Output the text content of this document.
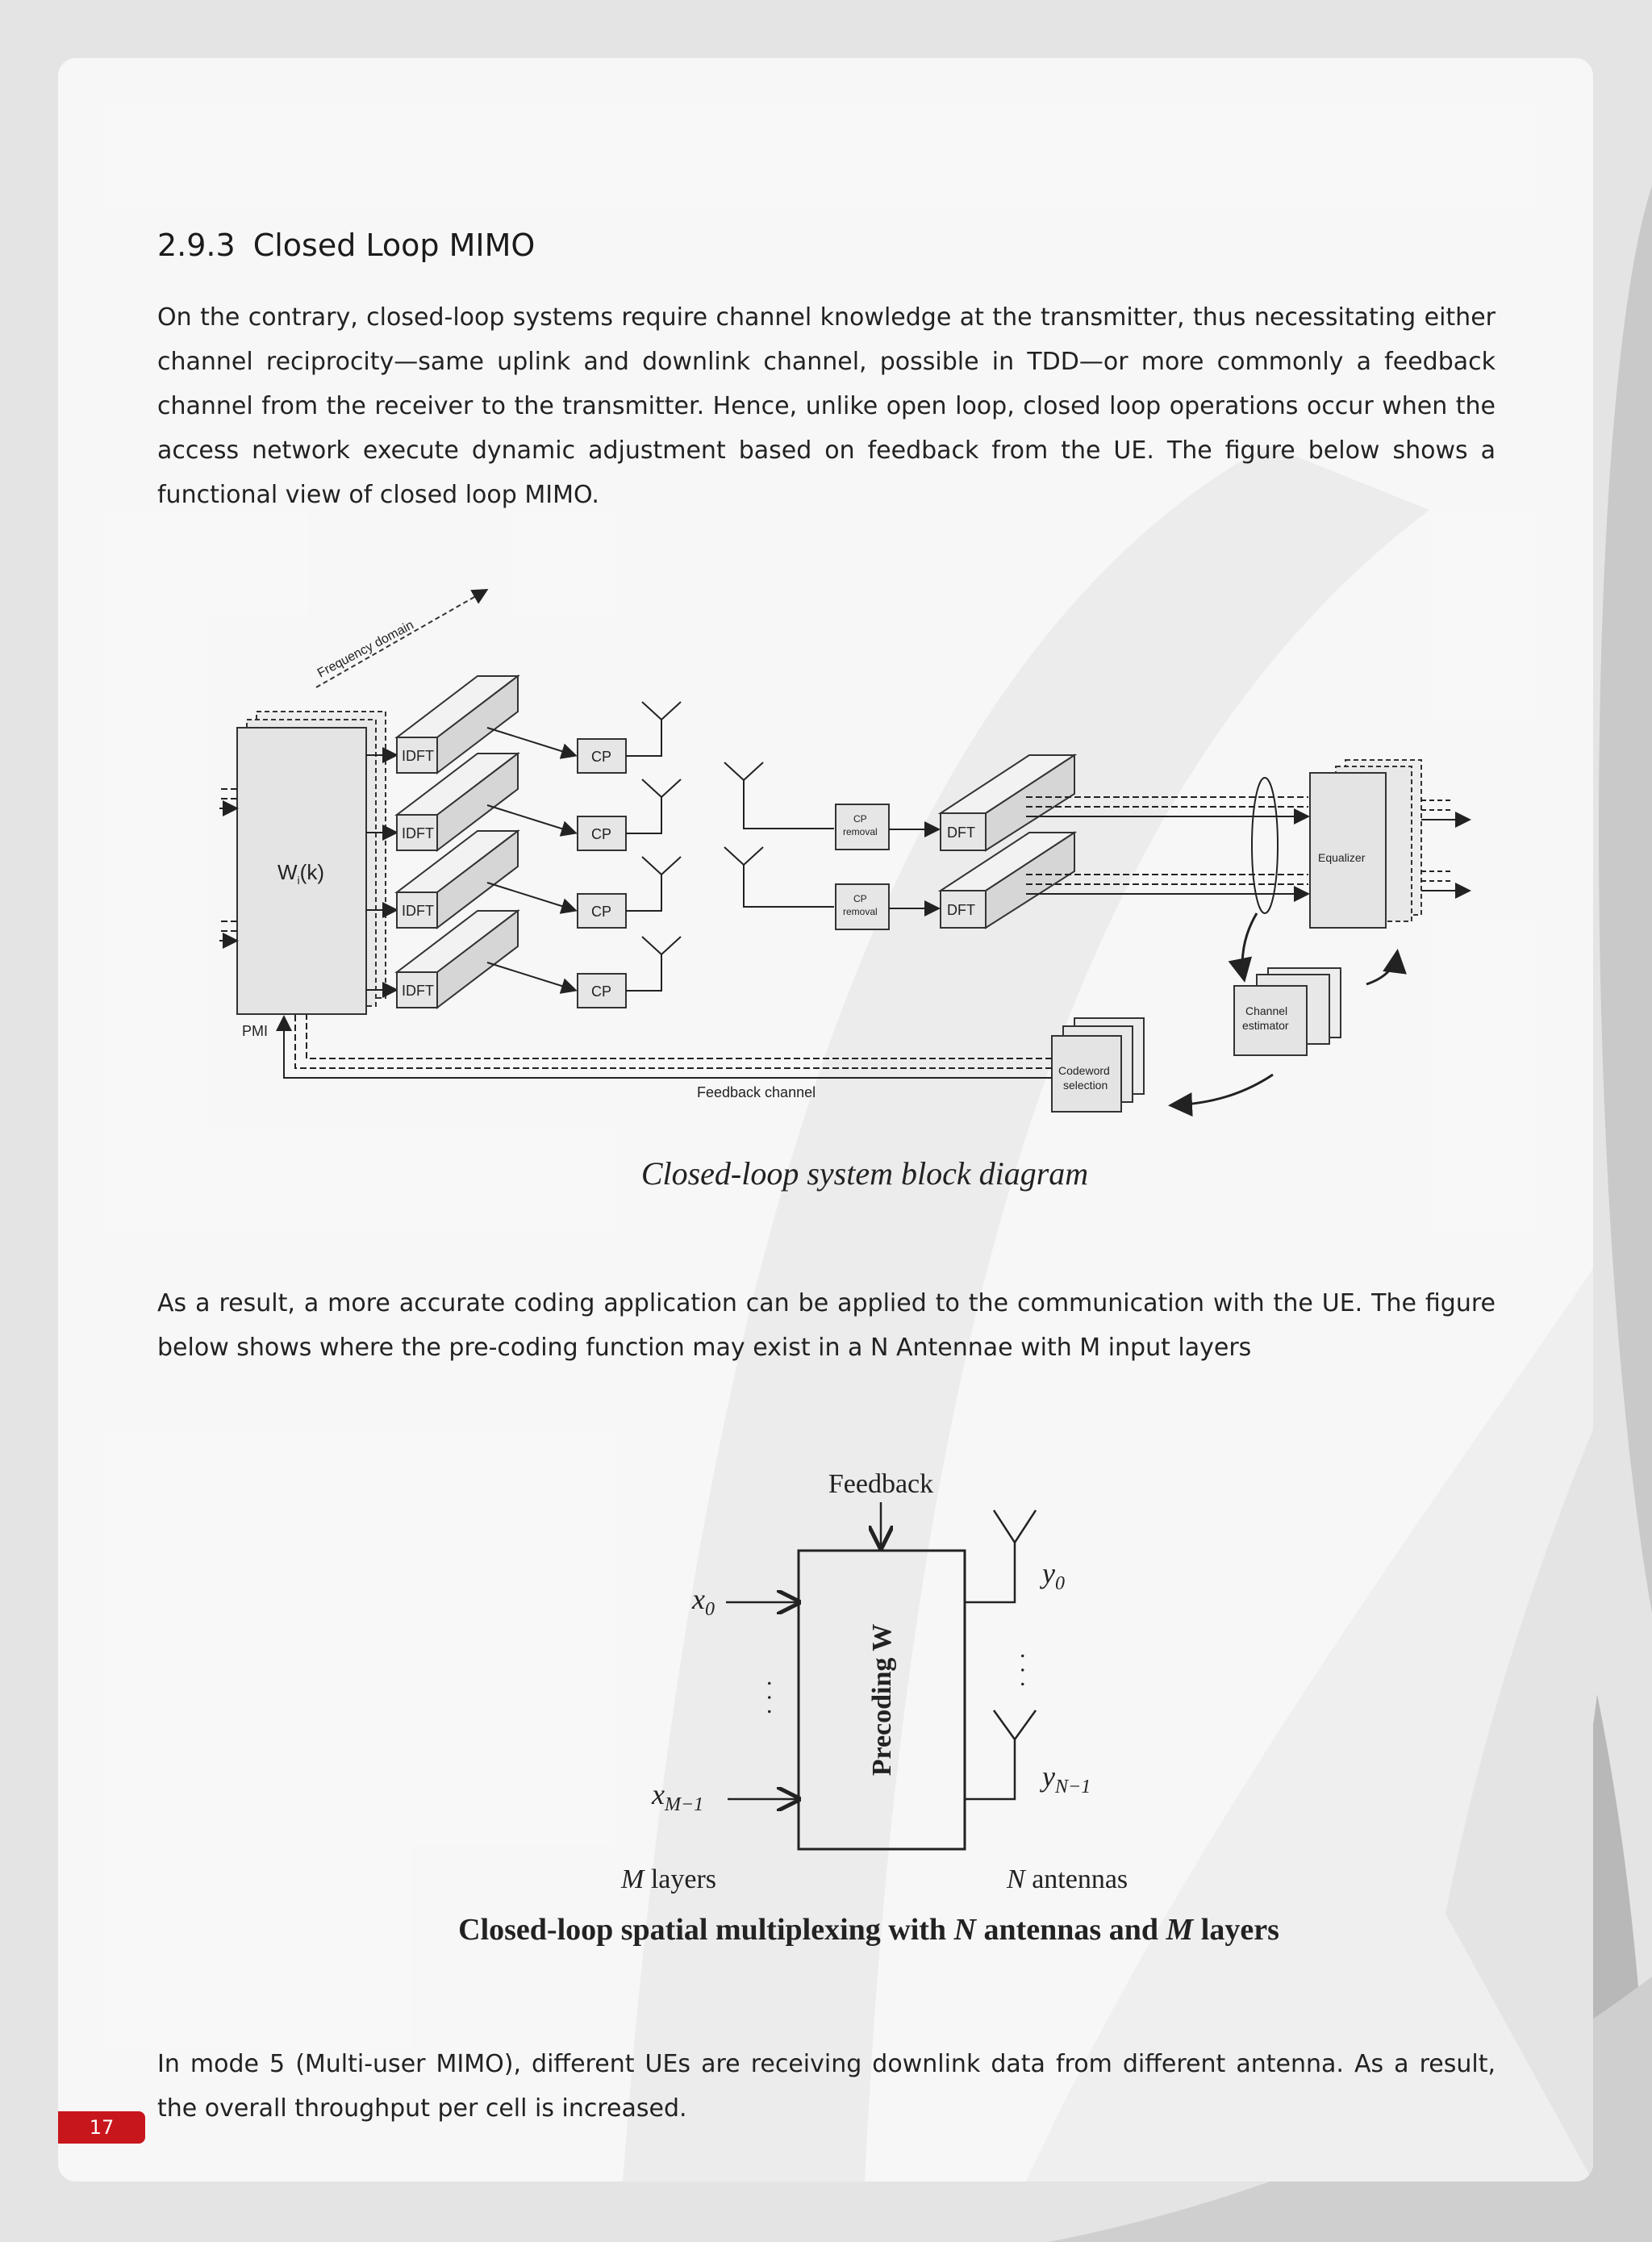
2.9.3 Closed Loop MIMO

On the contrary, closed-loop systems require channel knowledge at the transmitter, thus necessitating either channel reciprocity—same uplink and downlink channel, possible in TDD—or more commonly a feedback channel from the receiver to the transmitter. Hence, unlike open loop, closed loop operations occur when the access network execute dynamic adjustment based on feedback from the UE. The figure below shows a functional view of closed loop MIMO.

Frequency domain
$W_i(k)$
IDFT
IDFT
IDFT
IDFT
CP
CP
CP
CP
CP
removal
CP
removal
DFT
DFT
Equalizer
Channel
estimator
Codeword
selection
PMI
Feedback channel
Closed-loop system block diagram

As a result, a more accurate coding application can be applied to the communication with the UE. The figure below shows where the pre-coding function may exist in a N Antennae with M input layers

Feedback
Precoding W
$x_0$
· · ·
$x_{M-1}$
$y_0$
· · ·
$y_{N-1}$
M layers	N antennas
Closed-loop spatial multiplexing with N antennas and M layers

In mode 5 (Multi-user MIMO), different UEs are receiving downlink data from different antenna. As a result, the overall throughput per cell is increased.

17
